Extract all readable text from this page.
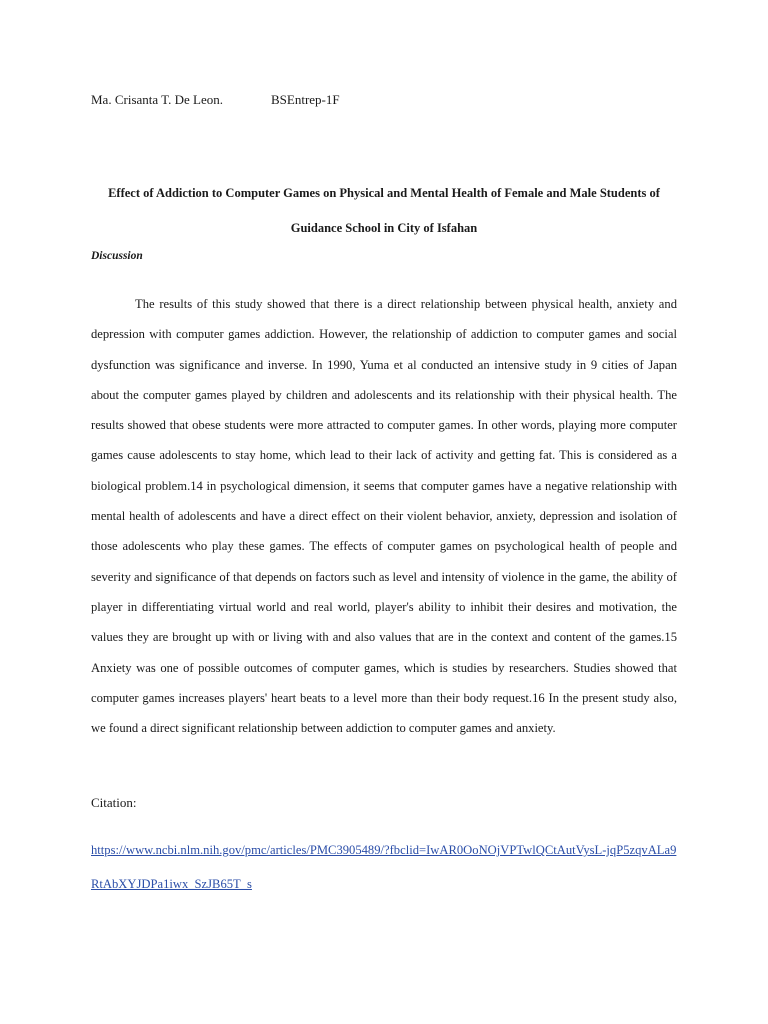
Ma. Crisanta T. De Leon.	BSEntrep-1F
Effect of Addiction to Computer Games on Physical and Mental Health of Female and Male Students of Guidance School in City of Isfahan
Discussion

The results of this study showed that there is a direct relationship between physical health, anxiety and depression with computer games addiction. However, the relationship of addiction to computer games and social dysfunction was significance and inverse. In 1990, Yuma et al conducted an intensive study in 9 cities of Japan about the computer games played by children and adolescents and its relationship with their physical health. The results showed that obese students were more attracted to computer games. In other words, playing more computer games cause adolescents to stay home, which lead to their lack of activity and getting fat. This is considered as a biological problem.14 in psychological dimension, it seems that computer games have a negative relationship with mental health of adolescents and have a direct effect on their violent behavior, anxiety, depression and isolation of those adolescents who play these games. The effects of computer games on psychological health of people and severity and significance of that depends on factors such as level and intensity of violence in the game, the ability of player in differentiating virtual world and real world, player's ability to inhibit their desires and motivation, the values they are brought up with or living with and also values that are in the context and content of the games.15 Anxiety was one of possible outcomes of computer games, which is studies by researchers. Studies showed that computer games increases players' heart beats to a level more than their body request.16 In the present study also, we found a direct significant relationship between addiction to computer games and anxiety.

Citation:
https://www.ncbi.nlm.nih.gov/pmc/articles/PMC3905489/?fbclid=IwAR0OoNOjVPTwlQCtAutVysL-jqP5zqvALa9RtAbXYJDPa1iwx_SzJB65T_s
